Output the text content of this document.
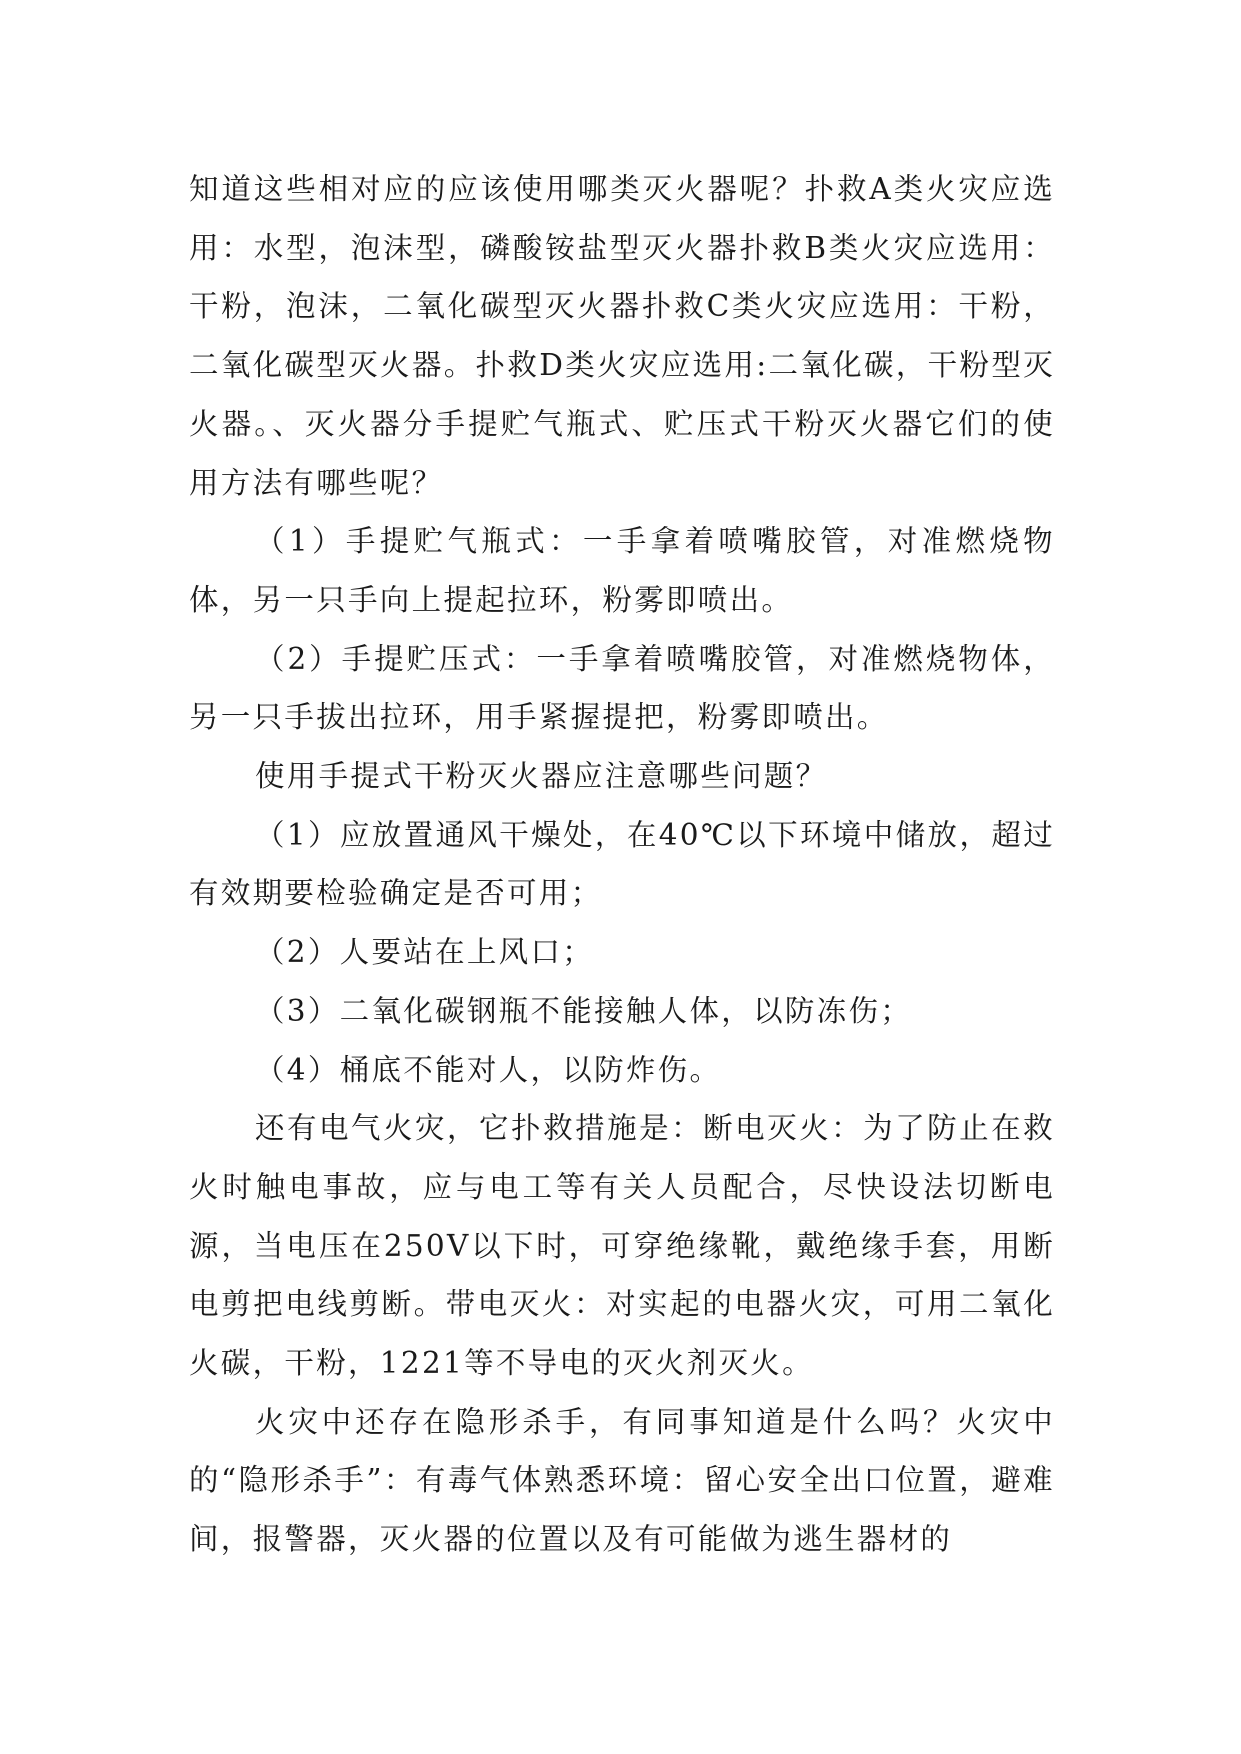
知道这些相对应的应该使用哪类灭火器呢？扑救A类火灾应选用：水型，泡沫型，磷酸铵盐型灭火器扑救B类火灾应选用：干粉，泡沫，二氧化碳型灭火器扑救C类火灾应选用：干粉，二氧化碳型灭火器。扑救D类火灾应选用:二氧化碳，干粉型灭火器。、灭火器分手提贮气瓶式、贮压式干粉灭火器它们的使用方法有哪些呢？

（1）手提贮气瓶式：一手拿着喷嘴胶管，对准燃烧物体，另一只手向上提起拉环，粉雾即喷出。

（2）手提贮压式：一手拿着喷嘴胶管，对准燃烧物体，另一只手拔出拉环，用手紧握提把，粉雾即喷出。

使用手提式干粉灭火器应注意哪些问题？

（1）应放置通风干燥处，在40℃以下环境中储放，超过有效期要检验确定是否可用；

（2）人要站在上风口；

（3）二氧化碳钢瓶不能接触人体，以防冻伤；

（4）桶底不能对人，以防炸伤。

还有电气火灾，它扑救措施是：断电灭火：为了防止在救火时触电事故，应与电工等有关人员配合，尽快设法切断电源，当电压在250V以下时，可穿绝缘靴，戴绝缘手套，用断电剪把电线剪断。带电灭火：对实起的电器火灾，可用二氧化火碳，干粉，1221等不导电的灭火剂灭火。

火灾中还存在隐形杀手，有同事知道是什么吗？火灾中的“隐形杀手”：有毒气体熟悉环境：留心安全出口位置，避难间，报警器，灭火器的位置以及有可能做为逃生器材的
